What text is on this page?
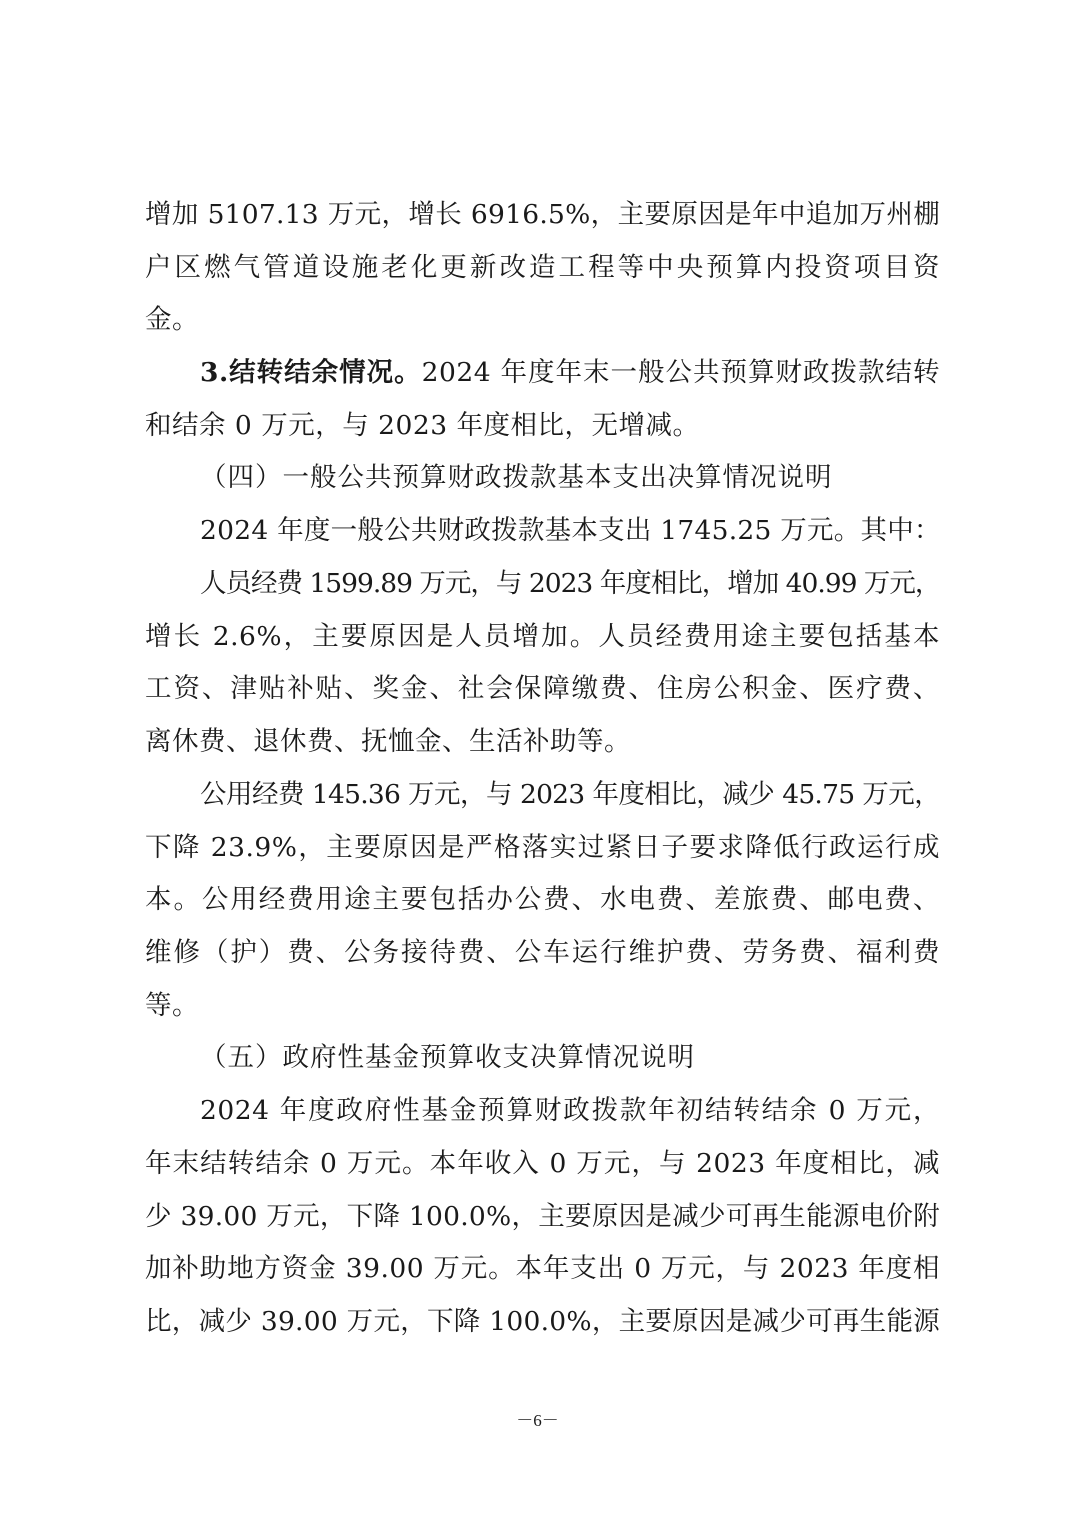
增加 5107.13 万元，增长 6916.5%，主要原因是年中追加万州棚
户区燃气管道设施老化更新改造工程等中央预算内投资项目资
金。
3.结转结余情况。2024 年度年末一般公共预算财政拨款结转
和结余 0 万元，与 2023 年度相比，无增减。
（四）一般公共预算财政拨款基本支出决算情况说明
2024 年度一般公共财政拨款基本支出 1745.25 万元。其中：
人员经费 1599.89 万元，与 2023 年度相比，增加 40.99 万元，
增长 2.6%，主要原因是人员增加。人员经费用途主要包括基本
工资、津贴补贴、奖金、社会保障缴费、住房公积金、医疗费、
离休费、退休费、抚恤金、生活补助等。
公用经费 145.36 万元，与 2023 年度相比，减少 45.75 万元，
下降 23.9%，主要原因是严格落实过紧日子要求降低行政运行成
本。公用经费用途主要包括办公费、水电费、差旅费、邮电费、
维修（护）费、公务接待费、公车运行维护费、劳务费、福利费
等。
（五）政府性基金预算收支决算情况说明
2024 年度政府性基金预算财政拨款年初结转结余 0 万元，
年末结转结余 0 万元。本年收入 0 万元，与 2023 年度相比，减
少 39.00 万元，下降 100.0%，主要原因是减少可再生能源电价附
加补助地方资金 39.00 万元。本年支出 0 万元，与 2023 年度相
比，减少 39.00 万元，下降 100.0%，主要原因是减少可再生能源
－6－
